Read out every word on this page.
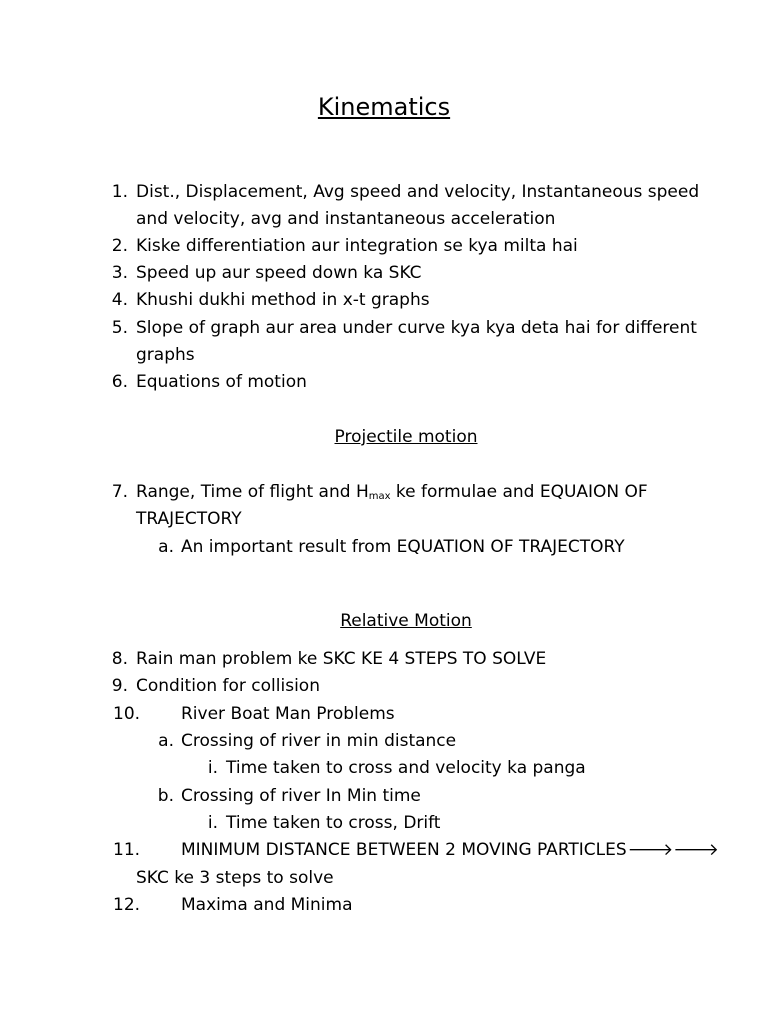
Kinematics
1. Dist., Displacement, Avg speed and velocity, Instantaneous speed
and velocity, avg and instantaneous acceleration
2. Kiske differentiation aur integration se kya milta hai
3. Speed up aur speed down ka SKC
4. Khushi dukhi method in x-t graphs
5. Slope of graph aur area under curve kya kya deta hai for different
graphs
6. Equations of motion
Projectile motion
7. Range, Time of flight and $H_{max}$ ke formulae and EQUAION OF
TRAJECTORY
a. An important result from EQUATION OF TRAJECTORY
Relative Motion
8. Rain man problem ke SKC KE 4 STEPS TO SOLVE
9. Condition for collision
10. River Boat Man Problems
a. Crossing of river in min distance
i. Time taken to cross and velocity ka panga
b. Crossing of river In Min time
i. Time taken to cross, Drift
11. MINIMUM DISTANCE BETWEEN 2 MOVING PARTICLES🡒🡒
SKC ke 3 steps to solve
12. Maxima and Minima
